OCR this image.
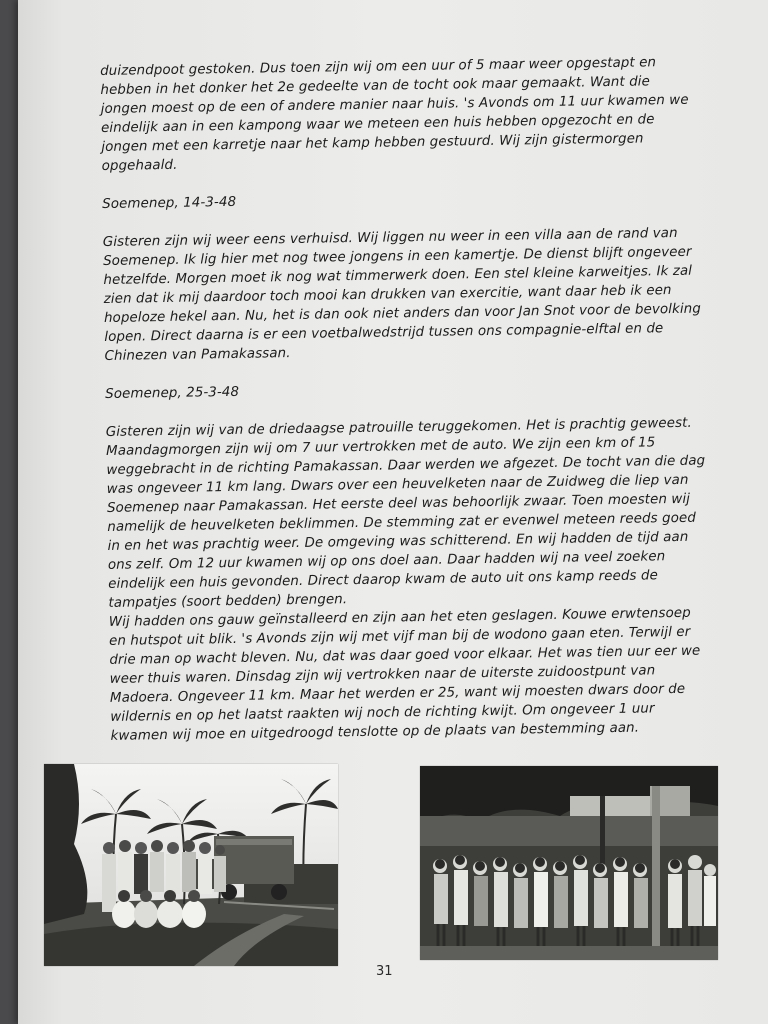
duizendpoot gestoken. Dus toen zijn wij om een uur of 5 maar weer opgestapt en hebben in het donker het 2e gedeelte van de tocht ook maar gemaakt. Want die jongen moest op de een of andere manier naar huis. 's Avonds om 11 uur kwamen we eindelijk aan in een kampong waar we meteen een huis hebben opgezocht en de jongen met een karretje naar het kamp hebben gestuurd. Wij zijn gistermorgen opgehaald.

Soemenep, 14-3-48

Gisteren zijn wij weer eens verhuisd. Wij liggen nu weer in een villa aan de rand van Soemenep. Ik lig hier met nog twee jongens in een kamertje. De dienst blijft ongeveer hetzelfde. Morgen moet ik nog wat timmerwerk doen. Een stel kleine karweitjes. Ik zal zien dat ik mij daardoor toch mooi kan drukken van exercitie, want daar heb ik een hopeloze hekel aan. Nu, het is dan ook niet anders dan voor Jan Snot voor de bevolking lopen. Direct daarna is er een voetbalwedstrijd tussen ons compagnie-elftal en de Chinezen van Pamakassan.

Soemenep, 25-3-48

Gisteren zijn wij van de driedaagse patrouille teruggekomen. Het is prachtig geweest. Maandagmorgen zijn wij om 7 uur vertrokken met de auto. We zijn een km of 15 weggebracht in de richting Pamakassan. Daar werden we afgezet. De tocht van die dag was ongeveer 11 km lang. Dwars over een heuvelketen naar de Zuidweg die liep van Soemenep naar Pamakassan. Het eerste deel was behoorlijk zwaar. Toen moesten wij namelijk de heuvelketen beklimmen. De stemming zat er evenwel meteen reeds goed in en het was prachtig weer. De omgeving was schitterend. En wij hadden de tijd aan ons zelf. Om 12 uur kwamen wij op ons doel aan. Daar hadden wij na veel zoeken eindelijk een huis gevonden. Direct daarop kwam de auto uit ons kamp reeds de tampatjes (soort bedden) brengen.

Wij hadden ons gauw geïnstalleerd en zijn aan het eten geslagen. Kouwe erwtensoep en hutspot uit blik. 's Avonds zijn wij met vijf man bij de wodono gaan eten. Terwijl er drie man op wacht bleven. Nu, dat was daar goed voor elkaar. Het was tien uur eer we weer thuis waren. Dinsdag zijn wij vertrokken naar de uiterste zuidoostpunt van Madoera. Ongeveer 11 km. Maar het werden er 25, want wij moesten dwars door de wildernis en op het laatst raakten wij noch de richting kwijt. Om ongeveer 1 uur kwamen wij moe en uitgedroogd tenslotte op de plaats van bestemming aan.

31
